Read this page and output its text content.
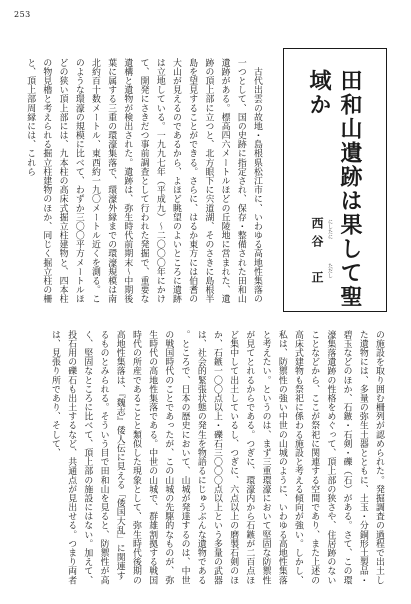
253
　古代出雲の故地・島根県松江市に、いわゆる高地性集落の一つとして、国の史跡に指定され、保存・整備された田和山遺跡がある。標高四六メートルほどの丘陵地に営まれた、遺跡の頂上部に立つと、北方眼下に宍道湖、そのさきに島根半島を望見することができる。さらに、はるか東方には伯耆の大山が見えるのであるから、よほど眺望のよいところに遺跡は立地している。一九九七年（平成九）～二〇〇〇年にかけて、開発にさきだつ事前調査として行われた発掘で、重要な遺構と遺物が検出された。遺跡は、弥生時代前期末～中期後葉に属する三重の環濠集落で、環濠外縁までの環濠規模は南北約百十数メートル、東西約一九〇メートル近くを測る。このような環濠の規模に比べて、わずか三〇〇平方メートルほどの狭い頂上部には、九本柱の高床式掘立柱建物と、四本柱の物見櫓と考えられる掘立柱建物のほか、同じく掘立柱の柵と、頂上部周縁には、これら	田和山遺跡は果して聖域か
西谷　正 にしたに
ただし
の施設を取り囲む柵列が認められた。発掘調査の過程で出土した遺物には、多量の弥生土器とともに、土玉・分銅形土製品・碧玉などのほか、石鏃・石剣・礫（石）がある。さて、この環濠集落遺跡の性格をめぐって、頂上部の狭さや、住居跡のないことなどから、ここが祭祀に関連する空間であり、また上述の高床式建物も祭祀に係わる施設と考える傾向が強い。しかし、私は、防禦性の強い中世の山城のように、いわゆる高地性集落と考えたい。というのは、まず三重環濠において堅固な防禦性が見てとれるからである。つぎに、環濠内から石鏃が二百点ほど集中して出土しているし、つぎに、六点以上の磨製石剣のほか、石鏃一〇〇点以上・礫石三〇〇〇点以上という多量の武器は、社会的緊張状態の発生を物語るにじゅうぶんな遺物である。ところで、日本の歴史において、山城が発達するのは、中世の戦国時代のことであったが、この山城の先駆的なものが、弥生時代の高地性集落である。中世の山城で、群雄割拠する戦国時代の所産であることと類似した現象として、弥生時代後期の高地性集落は、『魏志』倭人伝に見える「倭国大乱」に関連するものとみられる。そういう目で田和山を見ると、防禦性が高く、堅固なところに比べて、頂上部の施設にはない。加えて、投石用の礫石も出土するなど、共通点が見出せる。つまり両者は、見張り所であり、そして、
